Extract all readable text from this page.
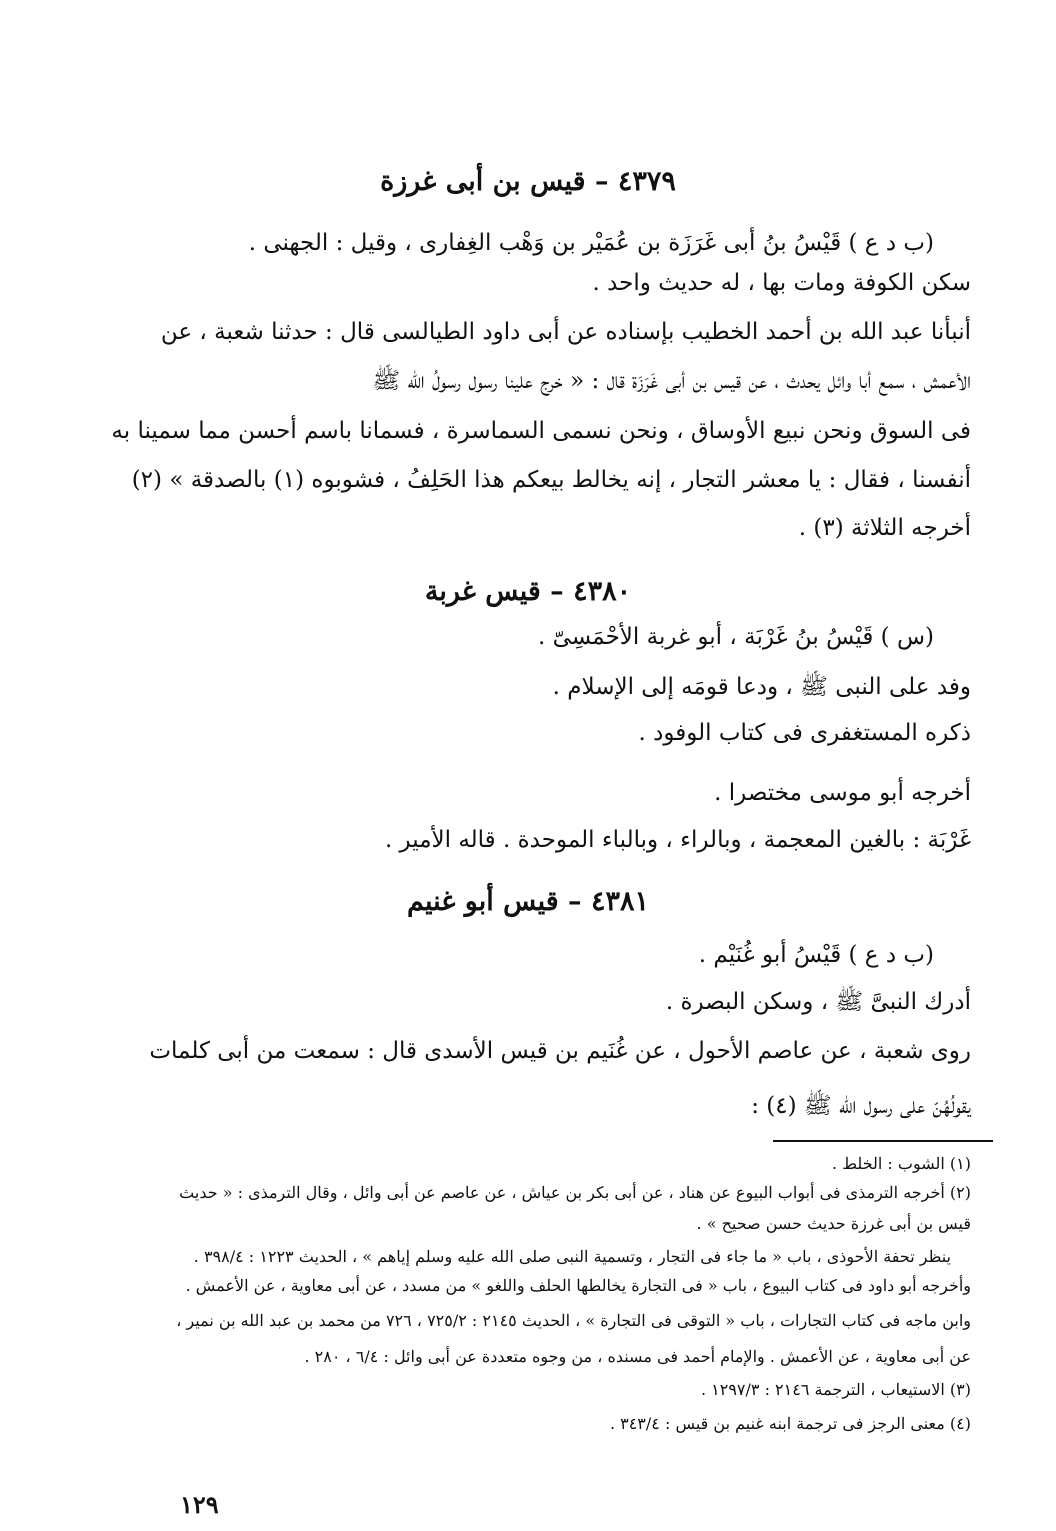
٤٣٧٩ – قيس بن أبى غرزة
(ب د ع ) قَيْسُ بنُ أبى غَرَزَة بن عُمَيْر بن وَهْب الغِفارى ، وقيل : الجهنى .
سكن الكوفة ومات بها ، له حديث واحد .
أنبأنا عبد الله بن أحمد الخطيب بإسناده عن أبى داود الطيالسى قال : حدثنا شعبة ، عن
الأعمش ، سمع أبا وائل يحدث ، عن قيس بن أبى غَرَزَة قال : « خرج علينا رسول رسولُ الله ﷺ
فى السوق ونحن نبيع الأوساق ، ونحن نسمى السماسرة ، فسمانا باسم أحسن مما سمينا به
أنفسنا ، فقال : يا معشر التجار ، إنه يخالط بيعكم هذا الحَلِفُ ، فشوبوه (١) بالصدقة » (٢)
أخرجه الثلاثة (٣) .
٤٣٨٠ – قيس غربة
(س ) قَيْسُ بنُ غَرْبَة ، أبو غربة الأحْمَسِىّ .
وفد على النبى ﷺ ، ودعا قومَه إلى الإسلام .
ذكره المستغفرى فى كتاب الوفود .
أخرجه أبو موسى مختصرا .
غَرْبَة : بالغين المعجمة ، وبالراء ، وبالباء الموحدة . قاله الأمير .
٤٣٨١ – قيس أبو غنيم
(ب د ع ) قَيْسُ أبو غُنَيْم .
أدرك النبىَّ ﷺ ، وسكن البصرة .
روى شعبة ، عن عاصم الأحول ، عن غُنَيم بن قيس الأسدى قال : سمعت من أبى كلمات
يقولُهُنّ على رسول الله ﷺ (٤) :
(١) الشوب : الخلط .
(٢) أخرجه الترمذى فى أبواب البيوع عن هناد ، عن أبى بكر بن عياش ، عن عاصم عن أبى وائل ، وقال الترمذى : « حديث
قيس بن أبى غرزة حديث حسن صحيح » .
ينظر تحفة الأحوذى ، باب « ما جاء فى التجار ، وتسمية النبى صلى الله عليه وسلم إياهم » ، الحديث ١٢٢٣ : ٣٩٨/٤ .
وأخرجه أبو داود فى كتاب البيوع ، باب « فى التجارة يخالطها الحلف واللغو » من مسدد ، عن أبى معاوية ، عن الأعمش .
وابن ماجه فى كتاب التجارات ، باب « التوقى فى التجارة » ، الحديث ٢١٤٥ : ٧٢٥/٢ ، ٧٢٦ من محمد بن عبد الله بن نمير ،
عن أبى معاوية ، عن الأعمش . والإمام أحمد فى مسنده ، من وجوه متعددة عن أبى وائل : ٦/٤ ، ٢٨٠ .
(٣) الاستيعاب ، الترجمة ٢١٤٦ : ١٢٩٧/٣ .
(٤) معنى الرجز فى ترجمة ابنه غنيم بن قيس : ٣٤٣/٤ .
١٢٩
